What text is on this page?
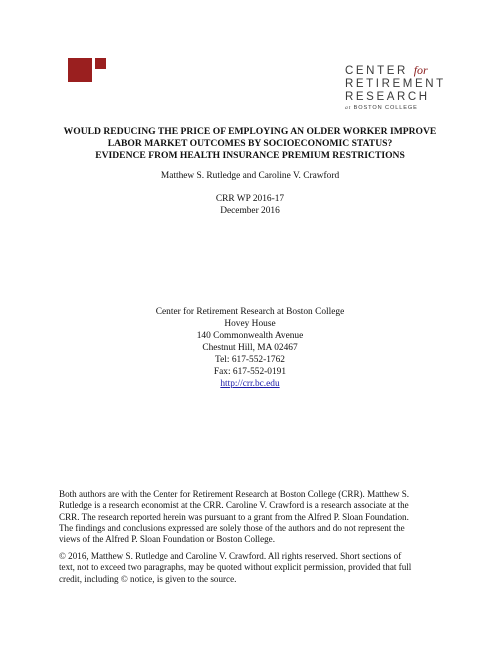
CENTER for
RETIREMENT
RESEARCH
at BOSTON COLLEGE
WOULD REDUCING THE PRICE OF EMPLOYING AN OLDER WORKER IMPROVE
LABOR MARKET OUTCOMES BY SOCIOECONOMIC STATUS?
EVIDENCE FROM HEALTH INSURANCE PREMIUM RESTRICTIONS
Matthew S. Rutledge and Caroline V. Crawford
CRR WP 2016-17
December 2016
Center for Retirement Research at Boston College
Hovey House
140 Commonwealth Avenue
Chestnut Hill, MA 02467
Tel: 617-552-1762
Fax: 617-552-0191
http://crr.bc.edu
Both authors are with the Center for Retirement Research at Boston College (CRR). Matthew S.
Rutledge is a research economist at the CRR. Caroline V. Crawford is a research associate at the
CRR. The research reported herein was pursuant to a grant from the Alfred P. Sloan Foundation.
The findings and conclusions expressed are solely those of the authors and do not represent the
views of the Alfred P. Sloan Foundation or Boston College.
© 2016, Matthew S. Rutledge and Caroline V. Crawford. All rights reserved. Short sections of
text, not to exceed two paragraphs, may be quoted without explicit permission, provided that full
credit, including © notice, is given to the source.
